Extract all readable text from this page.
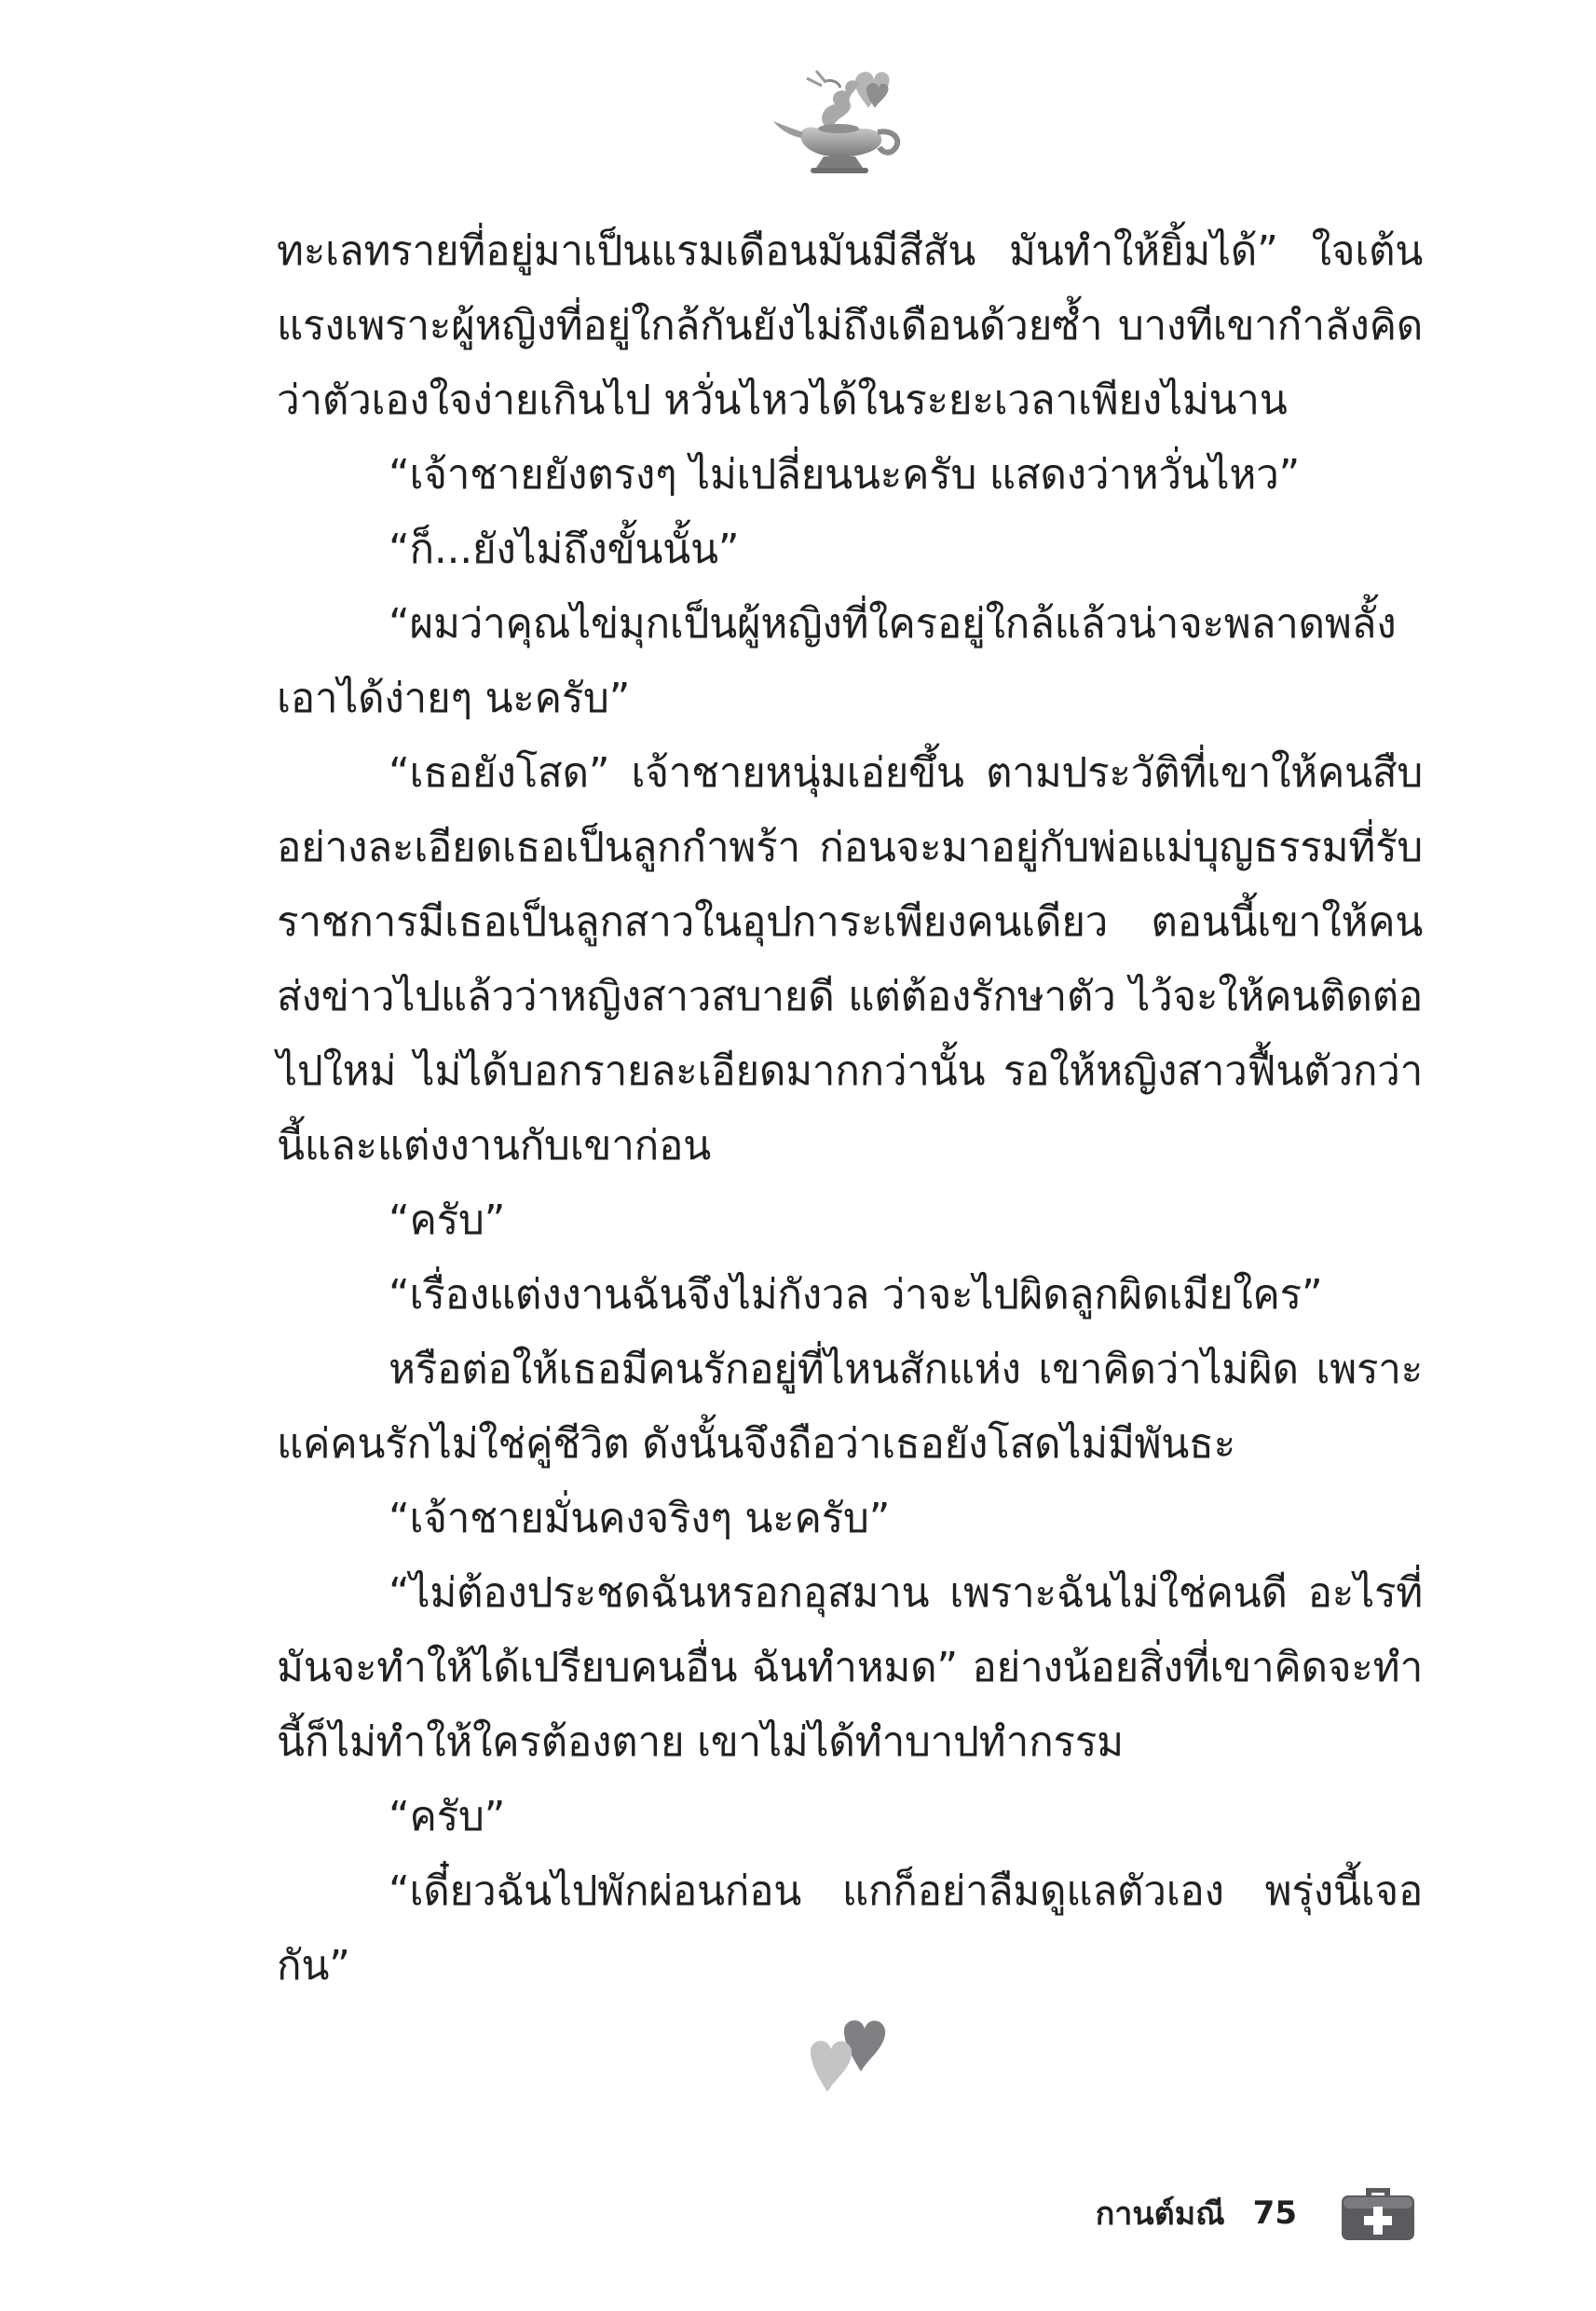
ทะเลทรายที่อยู่มาเป็นแรมเดือนมันมีสีสัน มันทำให้ยิ้มได้” ใจเต้นแรงเพราะผู้หญิงที่อยู่ใกล้กันยังไม่ถึงเดือนด้วยซ้ำ บางทีเขากำลังคิดว่าตัวเองใจง่ายเกินไป หวั่นไหวได้ในระยะเวลาเพียงไม่นาน

“เจ้าชายยังตรงๆ ไม่เปลี่ยนนะครับ แสดงว่าหวั่นไหว”

“ก็...ยังไม่ถึงขั้นนั้น”

“ผมว่าคุณไข่มุกเป็นผู้หญิงที่ใครอยู่ใกล้แล้วน่าจะพลาดพลั้งเอาได้ง่ายๆ นะครับ”

“เธอยังโสด” เจ้าชายหนุ่มเอ่ยขึ้น ตามประวัติที่เขาให้คนสืบอย่างละเอียดเธอเป็นลูกกำพร้า ก่อนจะมาอยู่กับพ่อแม่บุญธรรมที่รับราชการมีเธอเป็นลูกสาวในอุปการะเพียงคนเดียว ตอนนี้เขาให้คนส่งข่าวไปแล้วว่าหญิงสาวสบายดี แต่ต้องรักษาตัว ไว้จะให้คนติดต่อไปใหม่ ไม่ได้บอกรายละเอียดมากกว่านั้น รอให้หญิงสาวฟื้นตัวกว่านี้และแต่งงานกับเขาก่อน

“ครับ”

“เรื่องแต่งงานฉันจึงไม่กังวล ว่าจะไปผิดลูกผิดเมียใคร”

หรือต่อให้เธอมีคนรักอยู่ที่ไหนสักแห่ง เขาคิดว่าไม่ผิด เพราะแค่คนรักไม่ใช่คู่ชีวิต ดังนั้นจึงถือว่าเธอยังโสดไม่มีพันธะ

“เจ้าชายมั่นคงจริงๆ นะครับ”

“ไม่ต้องประชดฉันหรอกอุสมาน เพราะฉันไม่ใช่คนดี อะไรที่มันจะทำให้ได้เปรียบคนอื่น ฉันทำหมด” อย่างน้อยสิ่งที่เขาคิดจะทำนี้ก็ไม่ทำให้ใครต้องตาย เขาไม่ได้ทำบาปทำกรรม

“ครับ”

“เดี๋ยวฉันไปพักผ่อนก่อน แกก็อย่าลืมดูแลตัวเอง พรุ่งนี้เจอกัน”

กานต์มณี 75
